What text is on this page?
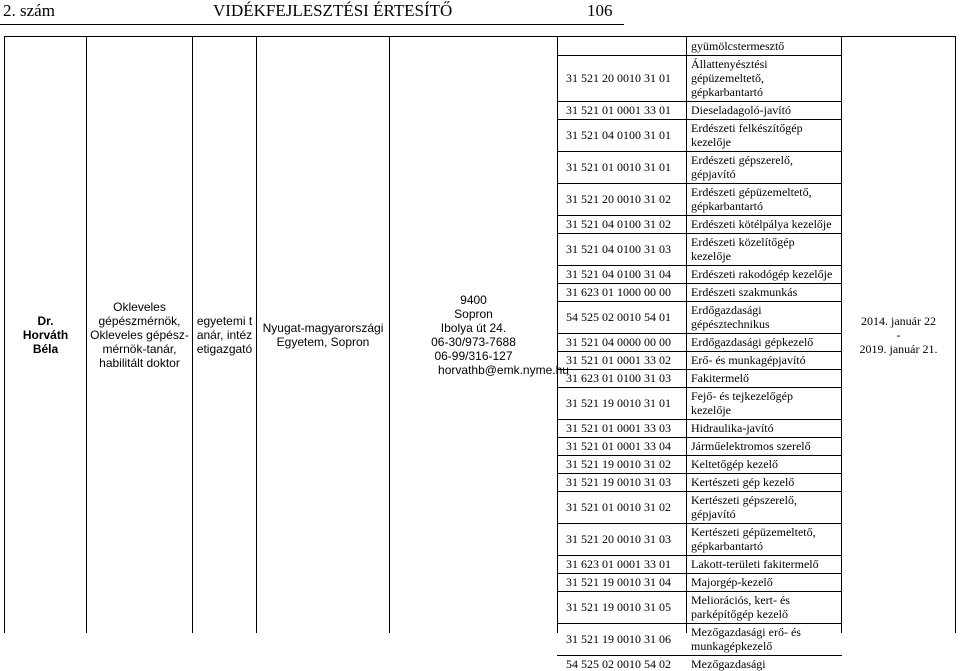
2. szám	VIDÉKFEJLESZTÉSI ÉRTESÍTŐ	106
Dr. Horváth Béla
Okleveles gépészmérnök, Okleveles gépész-mérnök-tanár, habilitált doktor
egyetemi tanár, intézetigazgató
Nyugat-magyarországi Egyetem, Sopron
9400
Sopron
Ibolya út 24.
06-30/973-7688
06-99/316-127
horvathb@emk.nyme.hu
2014. január 22
-
2019. január 21.
gyümölcstermesztő
31 521 20 0010 31 01
Állattenyésztési
gépüzemeltető,
gépkarbantartó
31 521 01 0001 33 01 Dieseladagoló-javító
31 521 04 0100 31 01 Erdészeti felkészítőgép
kezelője
31 521 01 0010 31 01 Erdészeti gépszerelő,
gépjavító
31 521 20 0010 31 02 Erdészeti gépüzemeltető,
gépkarbantartó
31 521 04 0100 31 02 Erdészeti kötélpálya kezelője
31 521 04 0100 31 03 Erdészeti közelítőgép
kezelője
31 521 04 0100 31 04 Erdészeti rakodógép kezelője
31 623 01 1000 00 00 Erdészeti szakmunkás
54 525 02 0010 54 01 Erdőgazdasági
gépésztechnikus
31 521 04 0000 00 00 Erdőgazdasági gépkezelő
31 521 01 0001 33 02 Erő- és munkagépjavító
31 623 01 0100 31 03 Fakitermelő
31 521 19 0010 31 01 Fejő- és tejkezelőgép
kezelője
31 521 01 0001 33 03 Hidraulika-javító
31 521 01 0001 33 04 Járműelektromos szerelő
31 521 19 0010 31 02 Keltetőgép kezelő
31 521 19 0010 31 03 Kertészeti gép kezelő
31 521 01 0010 31 02 Kertészeti gépszerelő,
gépjavító
31 521 20 0010 31 03 Kertészeti gépüzemeltető,
gépkarbantartó
31 623 01 0001 33 01 Lakott-területi fakitermelő
31 521 19 0010 31 04 Majorgép-kezelő
31 521 19 0010 31 05 Meliorációs, kert- és
parképítőgép kezelő
31 521 19 0010 31 06 Mezőgazdasági erő- és
munkagépkezelő
54 525 02 0010 54 02 Mezőgazdasági
